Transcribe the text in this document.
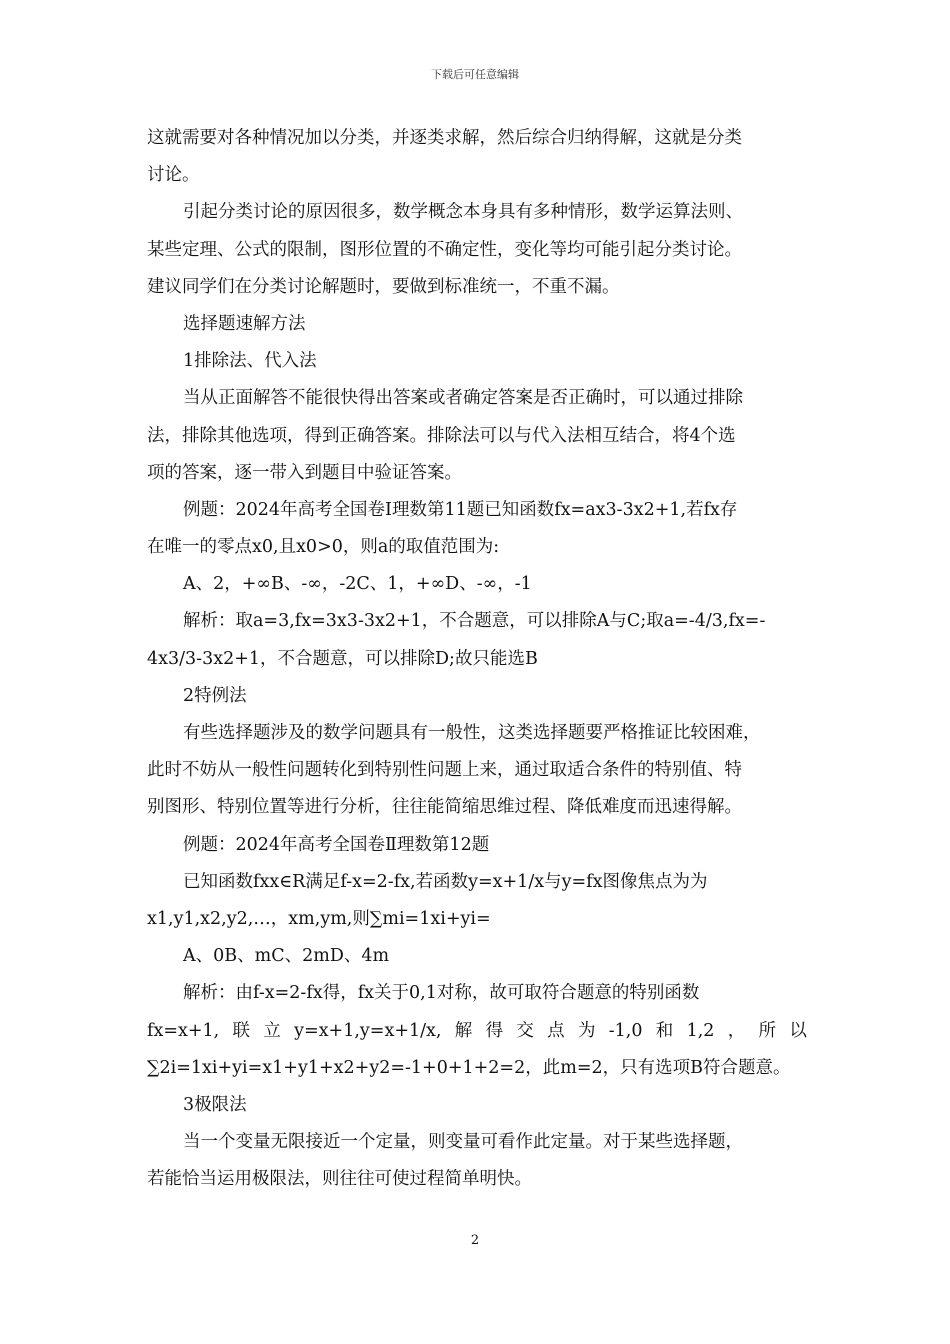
下载后可任意编辑
这就需要对各种情况加以分类，并逐类求解，然后综合归纳得解，这就是分类
讨论。
引起分类讨论的原因很多，数学概念本身具有多种情形，数学运算法则、
某些定理、公式的限制，图形位置的不确定性，变化等均可能引起分类讨论。
建议同学们在分类讨论解题时，要做到标准统一，不重不漏。
选择题速解方法
1排除法、代入法
当从正面解答不能很快得出答案或者确定答案是否正确时，可以通过排除
法，排除其他选项，得到正确答案。排除法可以与代入法相互结合，将4个选
项的答案，逐一带入到题目中验证答案。
例题：2024年高考全国卷Ⅰ理数第11题已知函数fx=ax3-3x2+1,若fx存
在唯一的零点x0,且x0>0，则a的取值范围为:
A、2，+∞B、-∞，-2C、1，+∞D、-∞，-1
解析：取a=3,fx=3x3-3x2+1，不合题意，可以排除A与C;取a=-4/3,fx=-
4x3/3-3x2+1，不合题意，可以排除D;故只能选B
2特例法
有些选择题涉及的数学问题具有一般性，这类选择题要严格推证比较困难，
此时不妨从一般性问题转化到特别性问题上来，通过取适合条件的特别值、特
别图形、特别位置等进行分析，往往能简缩思维过程、降低难度而迅速得解。
例题：2024年高考全国卷Ⅱ理数第12题
已知函数fxx∈R满足f-x=2-fx,若函数y=x+1/x与y=fx图像焦点为为
x1,y1,x2,y2,…，xm,ym,则∑mi=1xi+yi=
A、0B、mC、2mD、4m
解析：由f-x=2-fx得，fx关于0,1对称，故可取符合题意的特别函数
fx=x+1, 联 立 y=x+1,y=x+1/x, 解 得 交 点 为 -1,0 和 1,2 ， 所 以
∑2i=1xi+yi=x1+y1+x2+y2=-1+0+1+2=2，此m=2，只有选项B符合题意。
3极限法
当一个变量无限接近一个定量，则变量可看作此定量。对于某些选择题，
若能恰当运用极限法，则往往可使过程简单明快。
2
